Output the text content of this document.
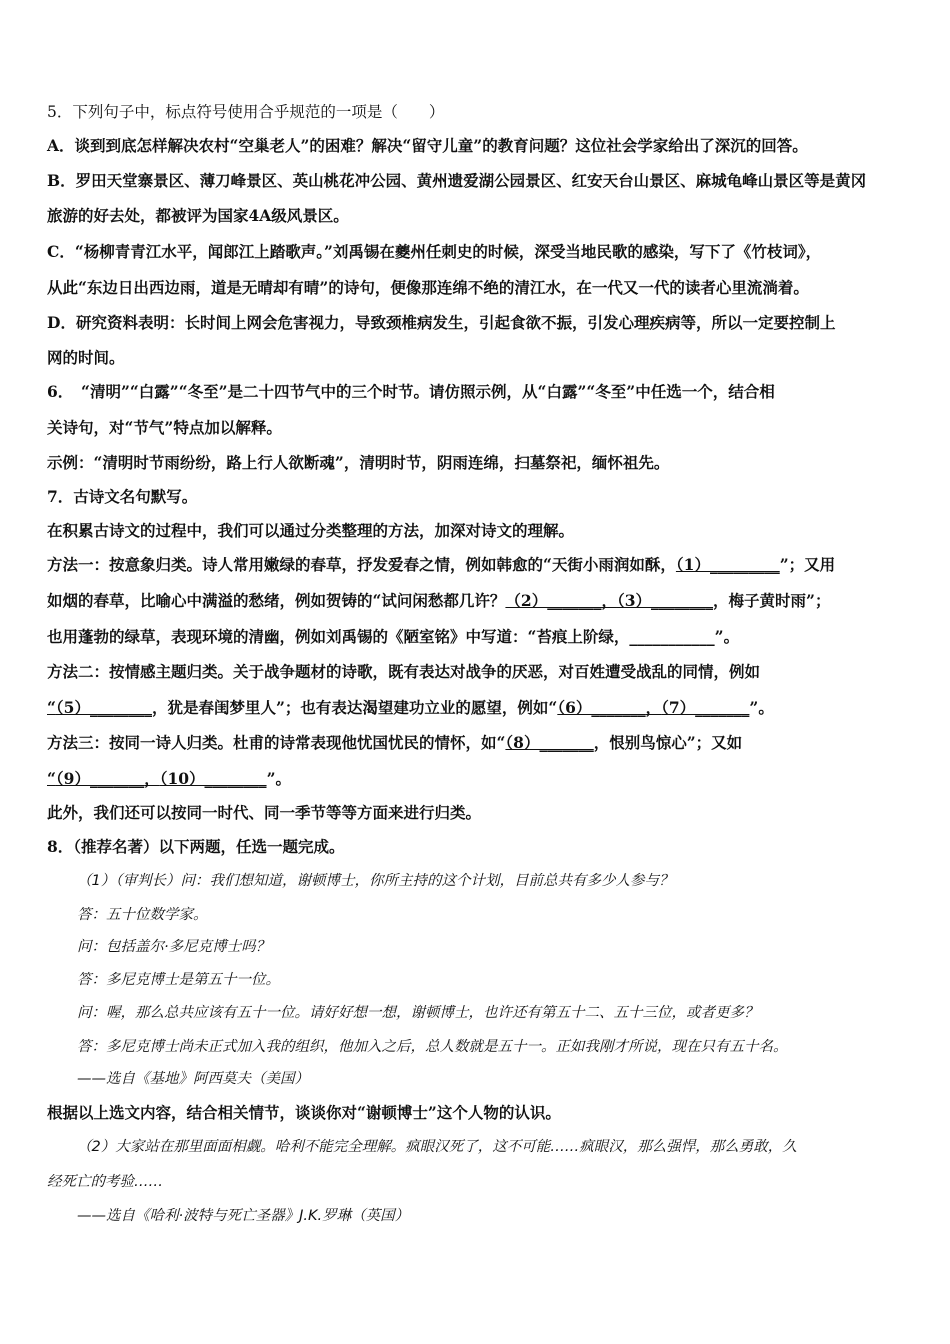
5．下列句子中，标点符号使用合乎规范的一项是（　　）
A．谈到到底怎样解决农村“空巢老人”的困难？解决“留守儿童”的教育问题？这位社会学家给出了深沉的回答。
B．罗田天堂寨景区、薄刀峰景区、英山桃花冲公园、黄州遗爱湖公园景区、红安天台山景区、麻城龟峰山景区等是黄冈
旅游的好去处，都被评为国家4A级风景区。
C．“杨柳青青江水平，闻郎江上踏歌声。”刘禹锡在夔州任刺史的时候，深受当地民歌的感染，写下了《竹枝词》，
从此“东边日出西边雨，道是无晴却有晴”的诗句，便像那连绵不绝的清江水，在一代又一代的读者心里流淌着。
D．研究资料表明：长时间上网会危害视力，导致颈椎病发生，引起食欲不振，引发心理疾病等，所以一定要控制上
网的时间。
6．　“清明”“白露”“冬至”是二十四节气中的三个时节。请仿照示例，从“白露”“冬至”中任选一个，结合相
关诗句，对“节气”特点加以解释。
示例：“清明时节雨纷纷，路上行人欲断魂”，清明时节，阴雨连绵，扫墓祭祀，缅怀祖先。
7．古诗文名句默写。
在积累古诗文的过程中，我们可以通过分类整理的方法，加深对诗文的理解。
方法一：按意象归类。诗人常用嫩绿的春草，抒发爱春之情，例如韩愈的“天街小雨润如酥，（1）_________”；又用
如烟的春草，比喻心中满溢的愁绪，例如贺铸的“试问闲愁都几许？（2）_______，（3）________，梅子黄时雨”；
也用蓬勃的绿草，表现环境的清幽，例如刘禹锡的《陋室铭》中写道：“苔痕上阶绿，___________”。
方法二：按情感主题归类。关于战争题材的诗歌，既有表达对战争的厌恶，对百姓遭受战乱的同情，例如
“（5）________，犹是春闺梦里人”；也有表达渴望建功立业的愿望，例如“（6）_______，（7）_______”。
方法三：按同一诗人归类。杜甫的诗常表现他忧国忧民的情怀，如“（8）_______，恨别鸟惊心”；又如
“（9）_______，（10）________”。
此外，我们还可以按同一时代、同一季节等等方面来进行归类。
8．（推荐名著）以下两题，任选一题完成。
（1）（审判长）问：我们想知道，谢顿博士，你所主持的这个计划，目前总共有多少人参与？
答：五十位数学家。
问：包括盖尔·多尼克博士吗？
答：多尼克博士是第五十一位。
问：喔，那么总共应该有五十一位。请好好想一想，谢顿博士，也许还有第五十二、五十三位，或者更多？
答：多尼克博士尚未正式加入我的组织，他加入之后，总人数就是五十一。正如我刚才所说，现在只有五十名。
——选自《基地》阿西莫夫（美国）
根据以上选文内容，结合相关情节，谈谈你对“谢顿博士”这个人物的认识。
（2）大家站在那里面面相觑。哈利不能完全理解。疯眼汉死了，这不可能……疯眼汉，那么强悍，那么勇敢，久
经死亡的考验……
——选自《哈利·波特与死亡圣器》J.K.罗琳（英国）
